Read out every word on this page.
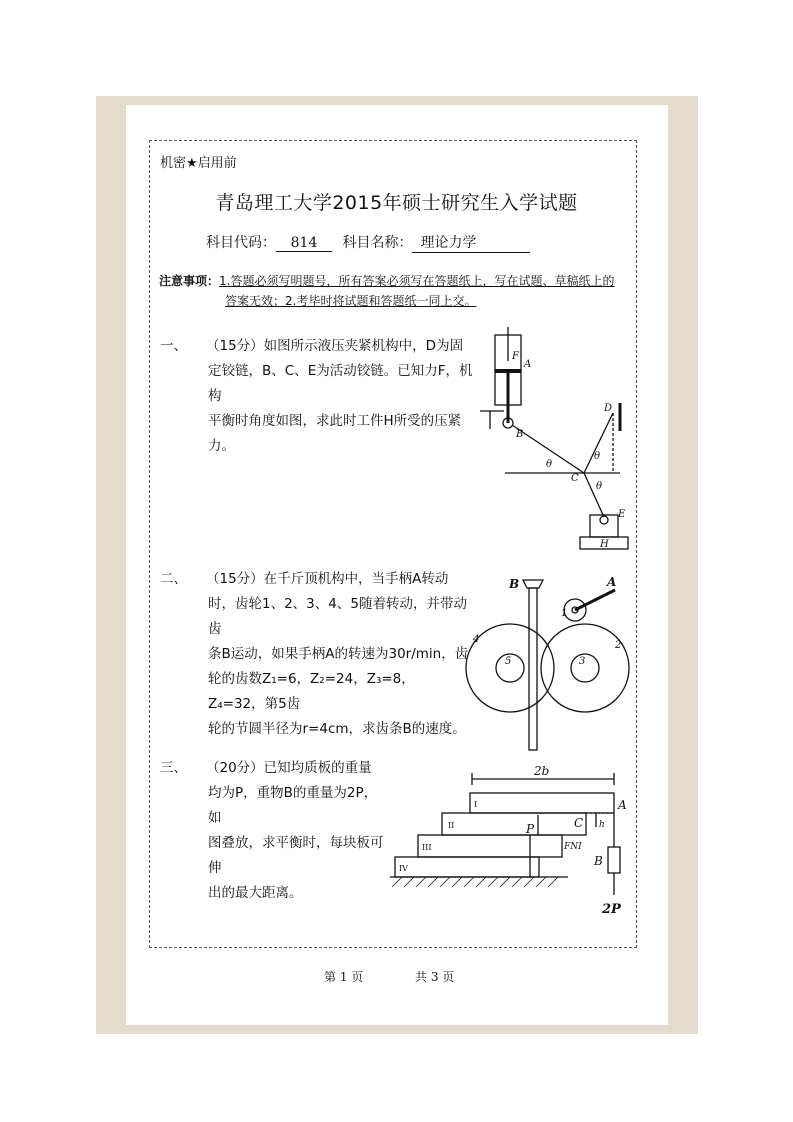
机密★启用前
青岛理工大学2015年硕士研究生入学试题
科目代码： 814 科目名称： 理论力学
注意事项：1.答题必须写明题号，所有答案必须写在答题纸上，写在试题、草稿纸上的
答案无效；2.考毕时将试题和答题纸一同上交。
一、 （15分）如图所示液压夹紧机构中，D为固
定铰链，B、C、E为活动铰链。已知力F，机构
平衡时角度如图，求此时工件H所受的压紧力。
F
A
B
C
D
E
H
θ
θ
θ
二、 （15分）在千斤顶机构中，当手柄A转动
时，齿轮1、2、3、4、5随着转动，并带动齿
条B运动，如果手柄A的转速为30r/min，齿
轮的齿数Z₁=6，Z₂=24，Z₃=8，Z₄=32，第5齿
轮的节圆半径为r=4cm，求齿条B的速度。
B	A
1
2
3
4
5
三、 （20分）已知均质板的重量
均为P，重物B的重量为2P，如
图叠放，求平衡时，每块板可伸
出的最大距离。
2b
A
C
P	h
FNI
B
2P
I
II
III
IV
第 1 页	共 3 页
